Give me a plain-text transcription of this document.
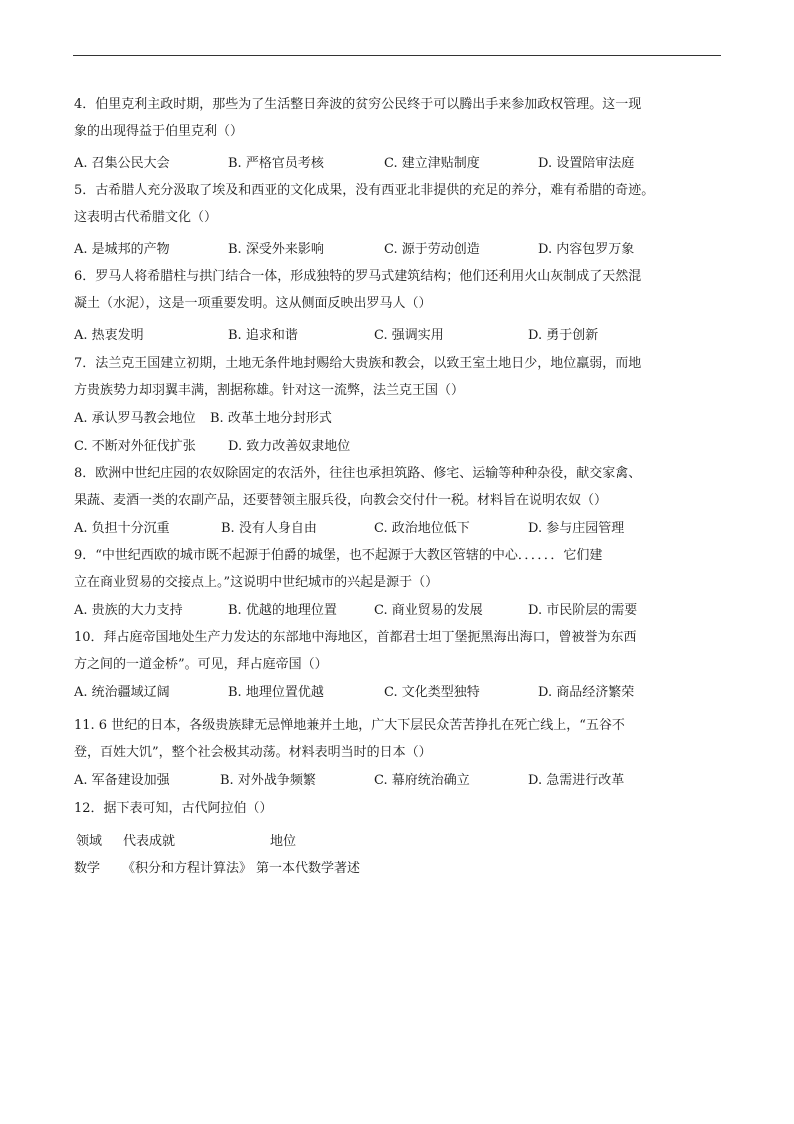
4．伯里克利主政时期，那些为了生活整日奔波的贫穷公民终于可以腾出手来参加政权管理。这一现
象的出现得益于伯里克利（）
A. 召集公民大会	B. 严格官员考核	C. 建立津贴制度	D. 设置陪审法庭
5．古希腊人充分汲取了埃及和西亚的文化成果，没有西亚北非提供的充足的养分，难有希腊的奇迹。
这表明古代希腊文化（）
A. 是城邦的产物	B. 深受外来影响	C. 源于劳动创造	D. 内容包罗万象
6．罗马人将希腊柱与拱门结合一体，形成独特的罗马式建筑结构；他们还利用火山灰制成了天然混
凝土（水泥），这是一项重要发明。这从侧面反映出罗马人（）
A. 热衷发明	B. 追求和谐	C. 强调实用	D. 勇于创新
7．法兰克王国建立初期，土地无条件地封赐给大贵族和教会，以致王室土地日少，地位羸弱，而地
方贵族势力却羽翼丰满，割据称雄。针对这一流弊，法兰克王国（）
A. 承认罗马教会地位 B. 改革土地分封形式
C. 不断对外征伐扩张 D. 致力改善奴隶地位
8．欧洲中世纪庄园的农奴除固定的农活外，往往也承担筑路、修宅、运输等种种杂役，献交家禽、
果蔬、麦酒一类的农副产品，还要替领主服兵役，向教会交付什一税。材料旨在说明农奴（）
A. 负担十分沉重	B. 没有人身自由	C. 政治地位低下	D. 参与庄园管理
9．“中世纪西欧的城市既不起源于伯爵的城堡，也不起源于大教区管辖的中心．．．．．．它们建
立在商业贸易的交接点上。”这说明中世纪城市的兴起是源于（）
A. 贵族的大力支持	B. 优越的地理位置	C. 商业贸易的发展	D. 市民阶层的需要
10．拜占庭帝国地处生产力发达的东部地中海地区，首都君士坦丁堡扼黑海出海口，曾被誉为东西
方之间的一道金桥”。可见，拜占庭帝国（）
A. 统治疆域辽阔	B. 地理位置优越	C. 文化类型独特	D. 商品经济繁荣
11. 6 世纪的日本，各级贵族肆无忌惮地兼并土地，广大下层民众苦苦挣扎在死亡线上，“五谷不
登，百姓大饥”，整个社会极其动荡。材料表明当时的日本（）
A. 军备建设加强	B. 对外战争频繁	C. 幕府统治确立	D. 急需进行改革
12．据下表可知，古代阿拉伯（）
领域 代表成就	地位
数学 《积分和方程计算法》 第一本代数学著述
